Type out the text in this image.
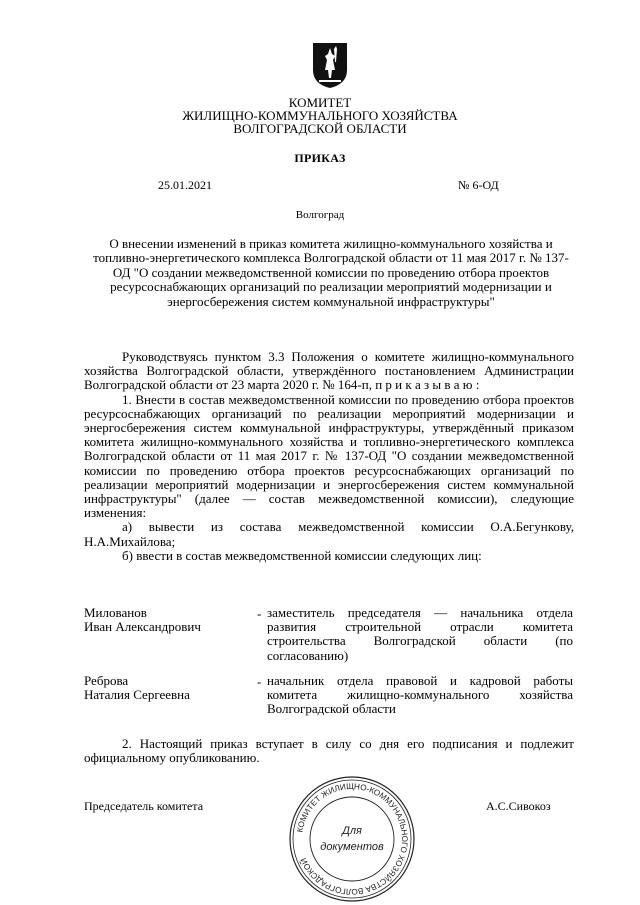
КОМИТЕТ
ЖИЛИЩНО-КОММУНАЛЬНОГО ХОЗЯЙСТВА
ВОЛГОГРАДСКОЙ ОБЛАСТИ
ПРИКАЗ
25.01.2021	№ 6-ОД
Волгоград
О внесении изменений в приказ комитета жилищно-коммунального хозяйства и топливно-энергетического комплекса Волгоградской области от 11 мая 2017 г. № 137-ОД "О создании межведомственной комиссии по проведению отбора проектов ресурсоснабжающих организаций по реализации мероприятий модернизации и энергосбережения систем коммунальной инфраструктуры"

Руководствуясь пунктом 3.3 Положения о комитете жилищно-коммунального хозяйства Волгоградской области, утверждённого постановлением Администрации Волгоградской области от 23 марта 2020 г. № 164-п, п р и к а з ы в а ю :

1. Внести в состав межведомственной комиссии по проведению отбора проектов ресурсоснабжающих организаций по реализации мероприятий модернизации и энергосбережения систем коммунальной инфраструктуры, утверждённый приказом комитета жилищно-коммунального хозяйства и топливно-энергетического комплекса Волгоградской области от 11 мая 2017 г. № 137-ОД "О создании межведомственной комиссии по проведению отбора проектов ресурсоснабжающих организаций по реализации мероприятий модернизации и энергосбережения систем коммунальной инфраструктуры" (далее — состав межведомственной комиссии), следующие изменения:

а) вывести из состава межведомственной комиссии О.А.Бегункову, Н.А.Михайлова;

б) ввести в состав межведомственной комиссии следующих лиц:

Милованов
Иван Александрович
- заместитель председателя — начальника отдела развития строительной отрасли комитета строительства Волгоградской области (по согласованию)
Реброва
Наталия Сергеевна
- начальник отдела правовой и кадровой работы комитета жилищно-коммунального хозяйства Волгоградской области

2. Настоящий приказ вступает в силу со дня его подписания и подлежит официальному опубликованию.

Председатель комитета	А.С.Сивокоз
КОМИТЕТ ЖИЛИЩНО-КОММУНАЛЬНОГО ХОЗЯЙСТВА ВОЛГОГРАДСКОЙ
Для
документов
